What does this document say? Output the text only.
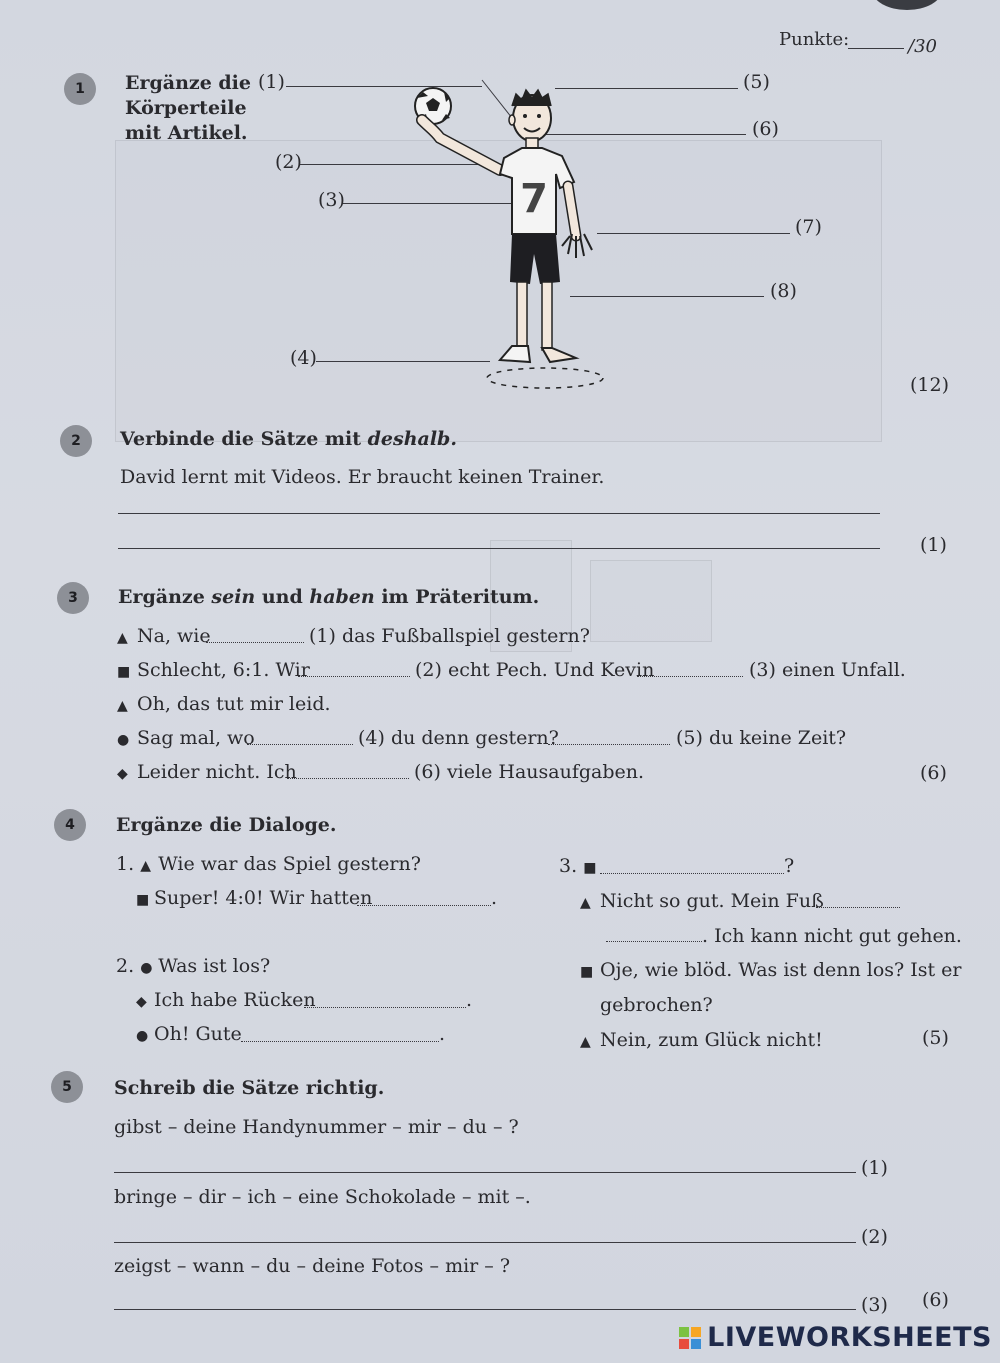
Punkte:	/30
1	Ergänze die
Körperteile
mit Artikel.
(1)
(2)
(3)
(4)
(5)
(6)
(7)
(8)
7
(12)
2	Verbinde die Sätze mit deshalb.
David lernt mit Videos. Er braucht keinen Trainer.
(1)
3	Ergänze sein und haben im Präteritum.
▲ Na, wie	(1) das Fußballspiel gestern?
■ Schlecht, 6:1. Wir	(2) echt Pech. Und Kevin	(3) einen Unfall.
▲ Oh, das tut mir leid.
● Sag mal, wo	(4) du denn gestern?	(5) du keine Zeit?
◆ Leider nicht. Ich	(6) viele Hausaufgaben.	(6)
4	Ergänze die Dialoge.
1. ▲ Wie war das Spiel gestern?
■ Super! 4:0! Wir hatten	.
2. ● Was ist los?
◆ Ich habe Rücken	.
● Oh! Gute	.
3. ■	?
▲ Nicht so gut. Mein Fuß
. Ich kann nicht gut gehen.
■ Oje, wie blöd. Was ist denn los? Ist er
gebrochen?
▲ Nein, zum Glück nicht!	(5)
5	Schreib die Sätze richtig.
gibst – deine Handynummer – mir – du – ?
(1)
bringe – dir – ich – eine Schokolade – mit –.
(2)
zeigst – wann – du – deine Fotos – mir – ?
(3) (6)
LIVEWORKSHEETS
